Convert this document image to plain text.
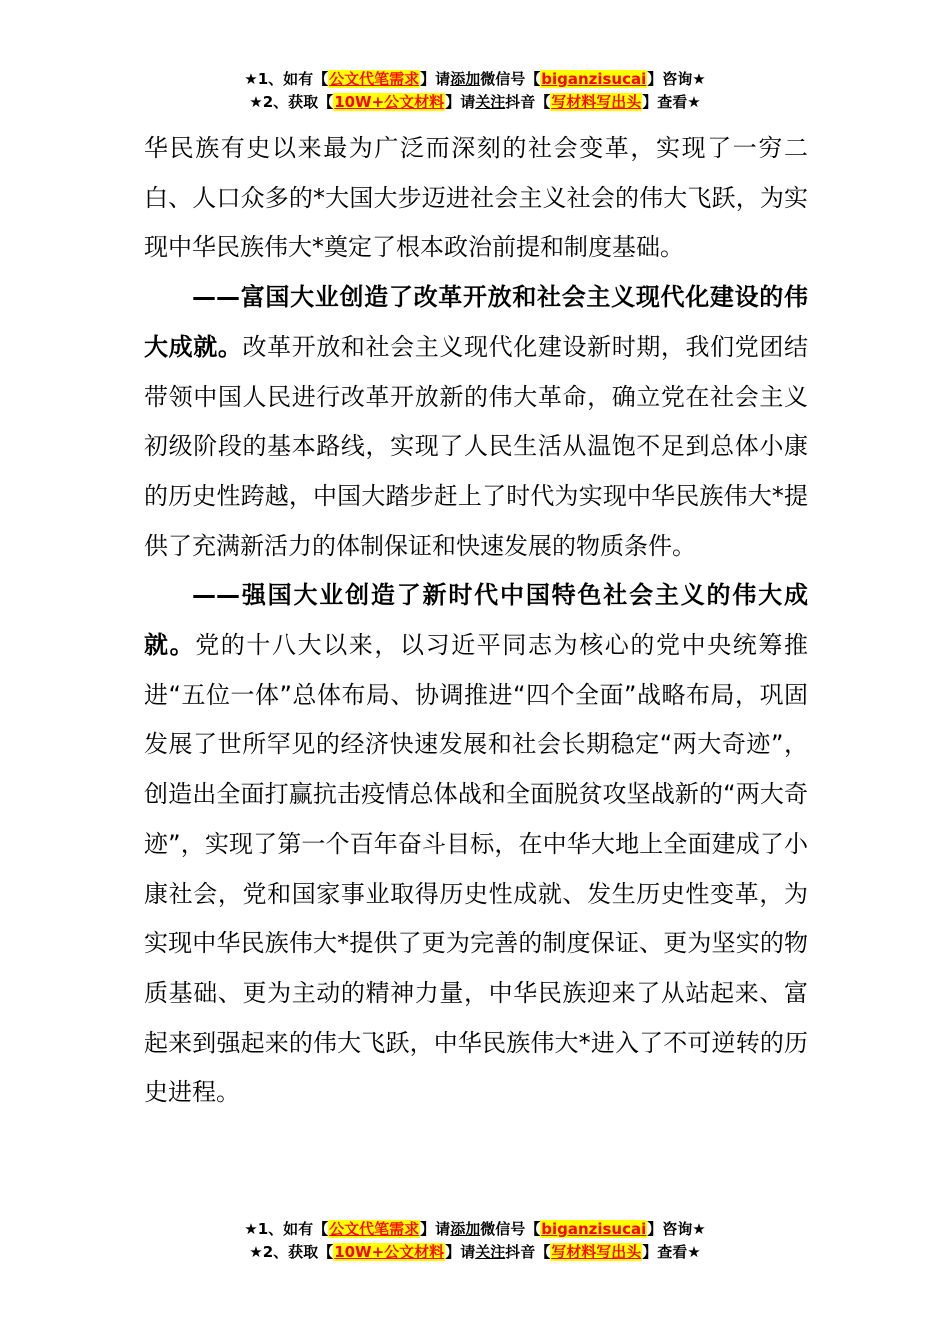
★1、如有【公文代笔需求】请添加微信号【biganzisucai】咨询★
★2、获取【10W+公文材料】请关注抖音【写材料写出头】查看★

华民族有史以来最为广泛而深刻的社会变革，实现了一穷二白、人口众多的*大国大步迈进社会主义社会的伟大飞跃，为实现中华民族伟大*奠定了根本政治前提和制度基础。

——富国大业创造了改革开放和社会主义现代化建设的伟大成就。改革开放和社会主义现代化建设新时期，我们党团结带领中国人民进行改革开放新的伟大革命，确立党在社会主义初级阶段的基本路线，实现了人民生活从温饱不足到总体小康的历史性跨越，中国大踏步赶上了时代为实现中华民族伟大*提供了充满新活力的体制保证和快速发展的物质条件。

——强国大业创造了新时代中国特色社会主义的伟大成就。党的十八大以来，以习近平同志为核心的党中央统筹推进“五位一体”总体布局、协调推进“四个全面”战略布局，巩固发展了世所罕见的经济快速发展和社会长期稳定“两大奇迹”，创造出全面打赢抗击疫情总体战和全面脱贫攻坚战新的“两大奇迹”，实现了第一个百年奋斗目标，在中华大地上全面建成了小康社会，党和国家事业取得历史性成就、发生历史性变革，为实现中华民族伟大*提供了更为完善的制度保证、更为坚实的物质基础、更为主动的精神力量，中华民族迎来了从站起来、富起来到强起来的伟大飞跃，中华民族伟大*进入了不可逆转的历史进程。

★1、如有【公文代笔需求】请添加微信号【biganzisucai】咨询★
★2、获取【10W+公文材料】请关注抖音【写材料写出头】查看★
